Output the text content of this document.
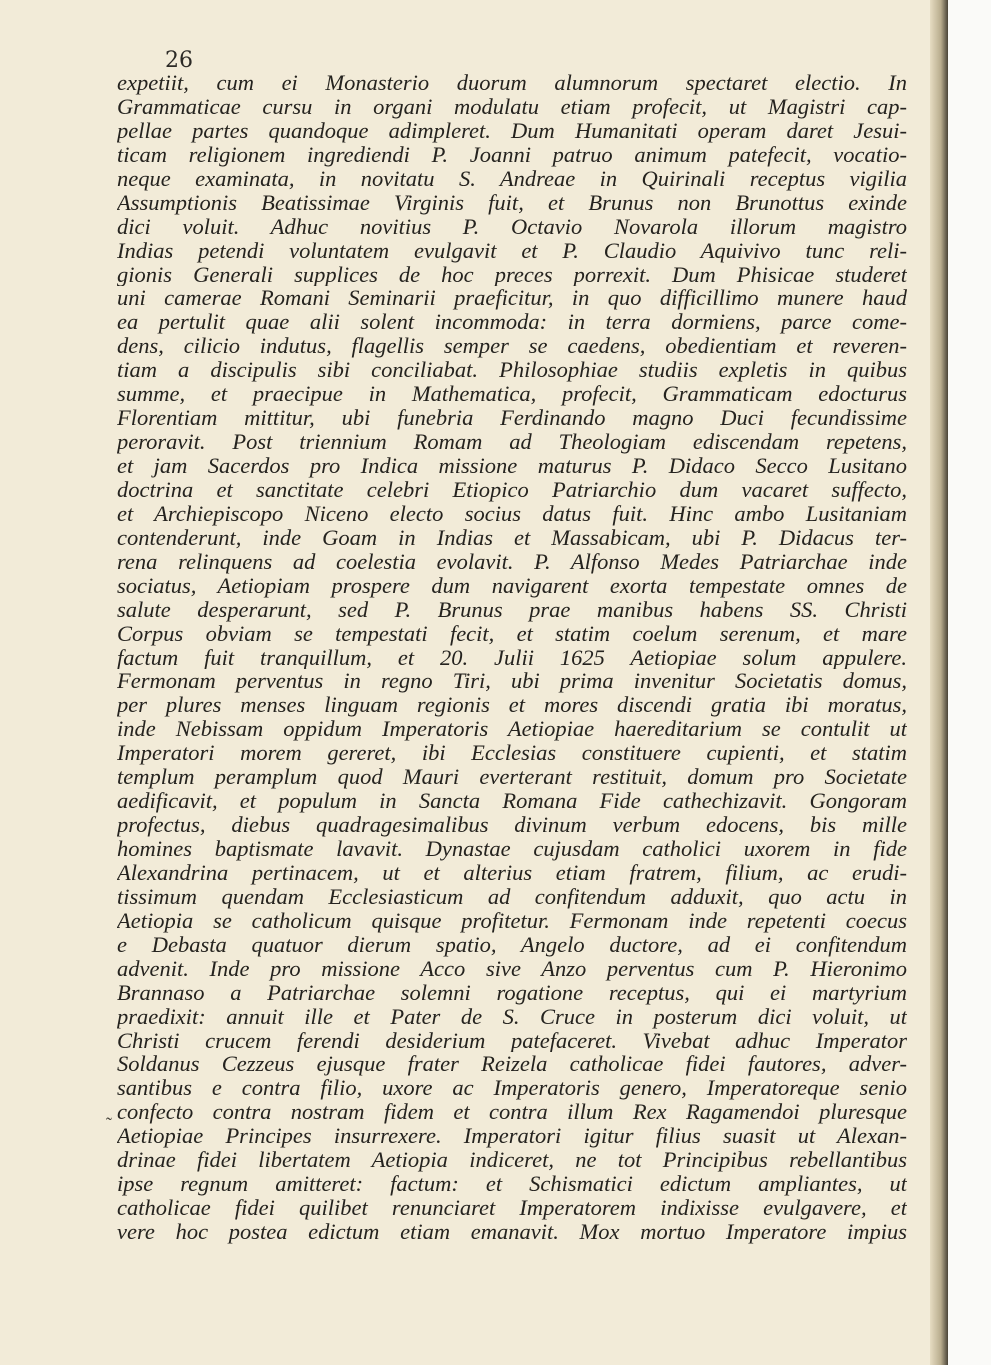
26
˜
expetiit, cum ei Monasterio duorum alumnorum spectaret electio. In
Grammaticae cursu in organi modulatu etiam profecit, ut Magistri cap-
pellae partes quandoque adimpleret. Dum Humanitati operam daret Jesui-
ticam religionem ingrediendi P. Joanni patruo animum patefecit, vocatio-
neque examinata, in novitatu S. Andreae in Quirinali receptus vigilia
Assumptionis Beatissimae Virginis fuit, et Brunus non Brunottus exinde
dici voluit. Adhuc novitius P. Octavio Novarola illorum magistro
Indias petendi voluntatem evulgavit et P. Claudio Aquivivo tunc reli-
gionis Generali supplices de hoc preces porrexit. Dum Phisicae studeret
uni camerae Romani Seminarii praeficitur, in quo difficillimo munere haud
ea pertulit quae alii solent incommoda: in terra dormiens, parce come-
dens, cilicio indutus, flagellis semper se caedens, obedientiam et reveren-
tiam a discipulis sibi conciliabat. Philosophiae studiis expletis in quibus
summe, et praecipue in Mathematica, profecit, Grammaticam edocturus
Florentiam mittitur, ubi funebria Ferdinando magno Duci fecundissime
peroravit. Post triennium Romam ad Theologiam ediscendam repetens,
et jam Sacerdos pro Indica missione maturus P. Didaco Secco Lusitano
doctrina et sanctitate celebri Etiopico Patriarchio dum vacaret suffecto,
et Archiepiscopo Niceno electo socius datus fuit. Hinc ambo Lusitaniam
contenderunt, inde Goam in Indias et Massabicam, ubi P. Didacus ter-
rena relinquens ad coelestia evolavit. P. Alfonso Medes Patriarchae inde
sociatus, Aetiopiam prospere dum navigarent exorta tempestate omnes de
salute desperarunt, sed P. Brunus prae manibus habens SS. Christi
Corpus obviam se tempestati fecit, et statim coelum serenum, et mare
factum fuit tranquillum, et 20. Julii 1625 Aetiopiae solum appulere.
Fermonam perventus in regno Tiri, ubi prima invenitur Societatis domus,
per plures menses linguam regionis et mores discendi gratia ibi moratus,
inde Nebissam oppidum Imperatoris Aetiopiae haereditarium se contulit ut
Imperatori morem gereret, ibi Ecclesias constituere cupienti, et statim
templum peramplum quod Mauri everterant restituit, domum pro Societate
aedificavit, et populum in Sancta Romana Fide cathechizavit. Gongoram
profectus, diebus quadragesimalibus divinum verbum edocens, bis mille
homines baptismate lavavit. Dynastae cujusdam catholici uxorem in fide
Alexandrina pertinacem, ut et alterius etiam fratrem, filium, ac erudi-
tissimum quendam Ecclesiasticum ad confitendum adduxit, quo actu in
Aetiopia se catholicum quisque profitetur. Fermonam inde repetenti coecus
e Debasta quatuor dierum spatio, Angelo ductore, ad ei confitendum
advenit. Inde pro missione Acco sive Anzo perventus cum P. Hieronimo
Brannaso a Patriarchae solemni rogatione receptus, qui ei martyrium
praedixit: annuit ille et Pater de S. Cruce in posterum dici voluit, ut
Christi crucem ferendi desiderium patefaceret. Vivebat adhuc Imperator
Soldanus Cezzeus ejusque frater Reizela catholicae fidei fautores, adver-
santibus e contra filio, uxore ac Imperatoris genero, Imperatoreque senio
confecto contra nostram fidem et contra illum Rex Ragamendoi pluresque
Aetiopiae Principes insurrexere. Imperatori igitur filius suasit ut Alexan-
drinae fidei libertatem Aetiopia indiceret, ne tot Principibus rebellantibus
ipse regnum amitteret: factum: et Schismatici edictum ampliantes, ut
catholicae fidei quilibet renunciaret Imperatorem indixisse evulgavere, et
vere hoc postea edictum etiam emanavit. Mox mortuo Imperatore impius
